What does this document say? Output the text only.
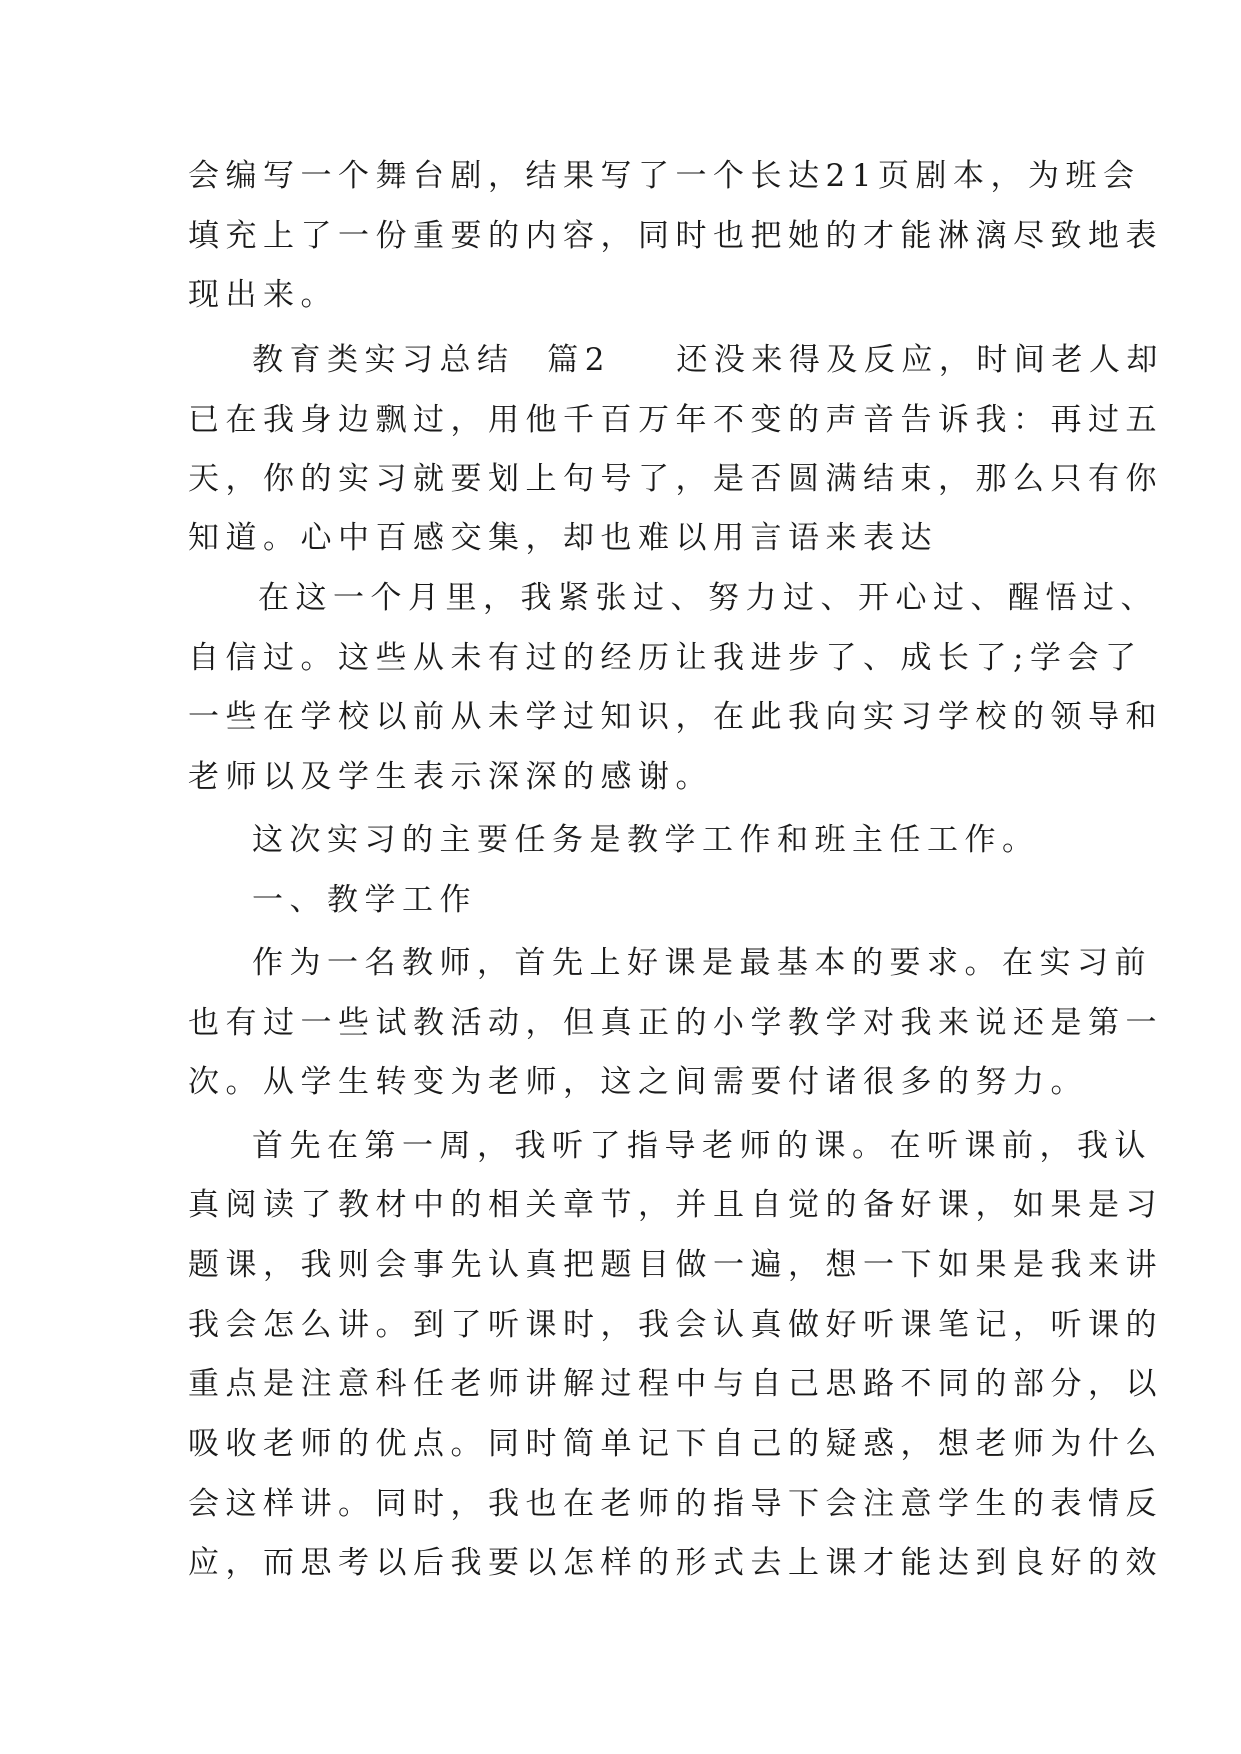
会编写一个舞台剧，结果写了一个长达21页剧本，为班会
填充上了一份重要的内容，同时也把她的才能淋漓尽致地表
现出来。
教育类实习总结  篇2    还没来得及反应，时间老人却
已在我身边飘过，用他千百万年不变的声音告诉我：再过五
天，你的实习就要划上句号了，是否圆满结束，那么只有你
知道。心中百感交集，却也难以用言语来表达
在这一个月里，我紧张过、努力过、开心过、醒悟过、
自信过。这些从未有过的经历让我进步了、成长了;学会了
一些在学校以前从未学过知识，在此我向实习学校的领导和
老师以及学生表示深深的感谢。
这次实习的主要任务是教学工作和班主任工作。
一、教学工作
作为一名教师，首先上好课是最基本的要求。在实习前
也有过一些试教活动，但真正的小学教学对我来说还是第一
次。从学生转变为老师，这之间需要付诸很多的努力。
首先在第一周，我听了指导老师的课。在听课前，我认
真阅读了教材中的相关章节，并且自觉的备好课，如果是习
题课，我则会事先认真把题目做一遍，想一下如果是我来讲
我会怎么讲。到了听课时，我会认真做好听课笔记，听课的
重点是注意科任老师讲解过程中与自己思路不同的部分，以
吸收老师的优点。同时简单记下自己的疑惑，想老师为什么
会这样讲。同时，我也在老师的指导下会注意学生的表情反
应，而思考以后我要以怎样的形式去上课才能达到良好的效
